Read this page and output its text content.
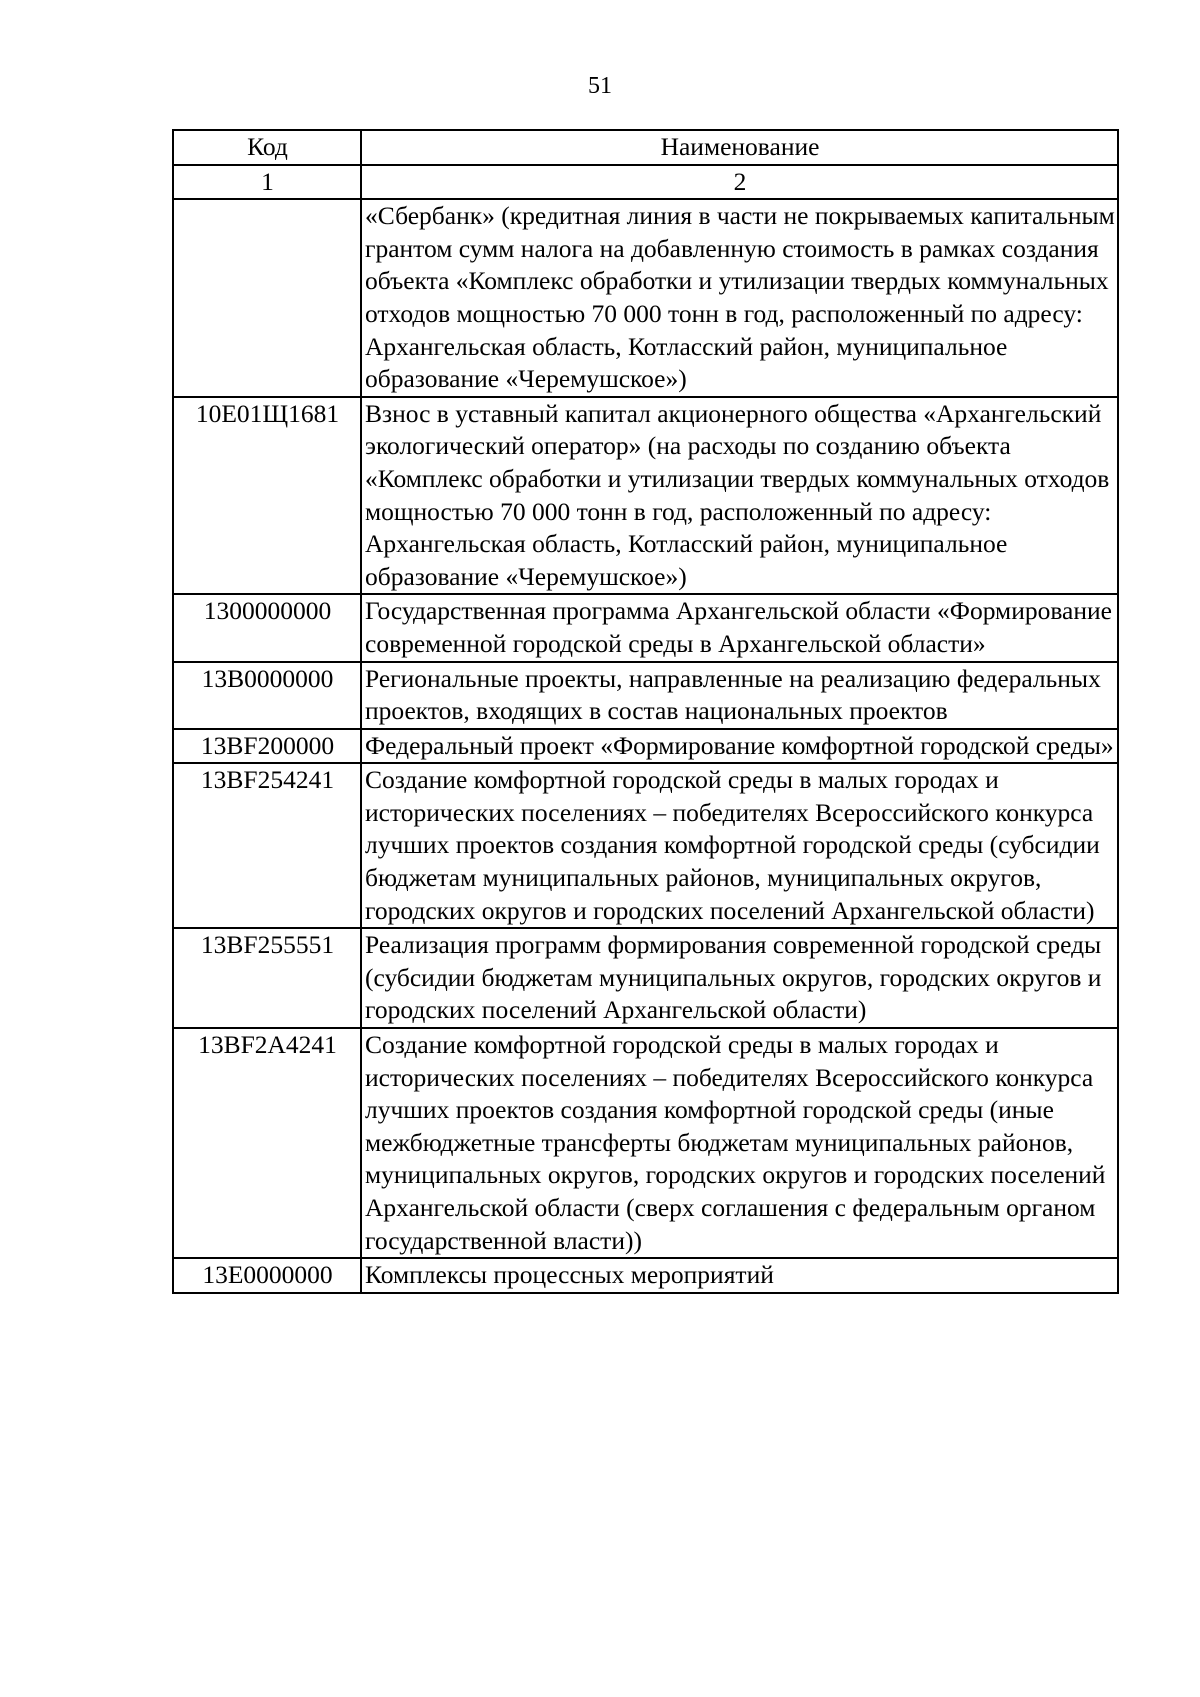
51
Код	Наименование
1	2
	«Сбербанк» (кредитная линия в части не покрываемых капитальным грантом сумм налога на добавленную стоимость в рамках создания объекта «Комплекс обработки и утилизации твердых коммунальных отходов мощностью 70 000 тонн в год, расположенный по адресу: Архангельская область, Котласский район, муниципальное образование «Черемушское»)
10Е01Щ1681	Взнос в уставный капитал акционерного общества «Архангельский экологический оператор» (на расходы по созданию объекта «Комплекс обработки и утилизации твердых коммунальных отходов мощностью 70 000 тонн в год, расположенный по адресу: Архангельская область, Котласский район, муниципальное образование «Черемушское»)
1300000000	Государственная программа Архангельской области «Формирование современной городской среды в Архангельской области»
13В0000000	Региональные проекты, направленные на реализацию федеральных проектов, входящих в состав национальных проектов
13ВF200000	Федеральный проект «Формирование комфортной городской среды»
13ВF254241	Создание комфортной городской среды в малых городах и исторических поселениях – победителях Всероссийского конкурса лучших проектов создания комфортной городской среды (субсидии бюджетам муниципальных районов, муниципальных округов, городских округов и городских поселений Архангельской области)
13ВF255551	Реализация программ формирования современной городской среды (субсидии бюджетам муниципальных округов, городских округов и городских поселений Архангельской области)
13ВF2А4241	Создание комфортной городской среды в малых городах и исторических поселениях – победителях Всероссийского конкурса лучших проектов создания комфортной городской среды (иные межбюджетные трансферты бюджетам муниципальных районов, муниципальных округов, городских округов и городских поселений Архангельской области (сверх соглашения с федеральным органом государственной власти))
13Е0000000	Комплексы процессных мероприятий
